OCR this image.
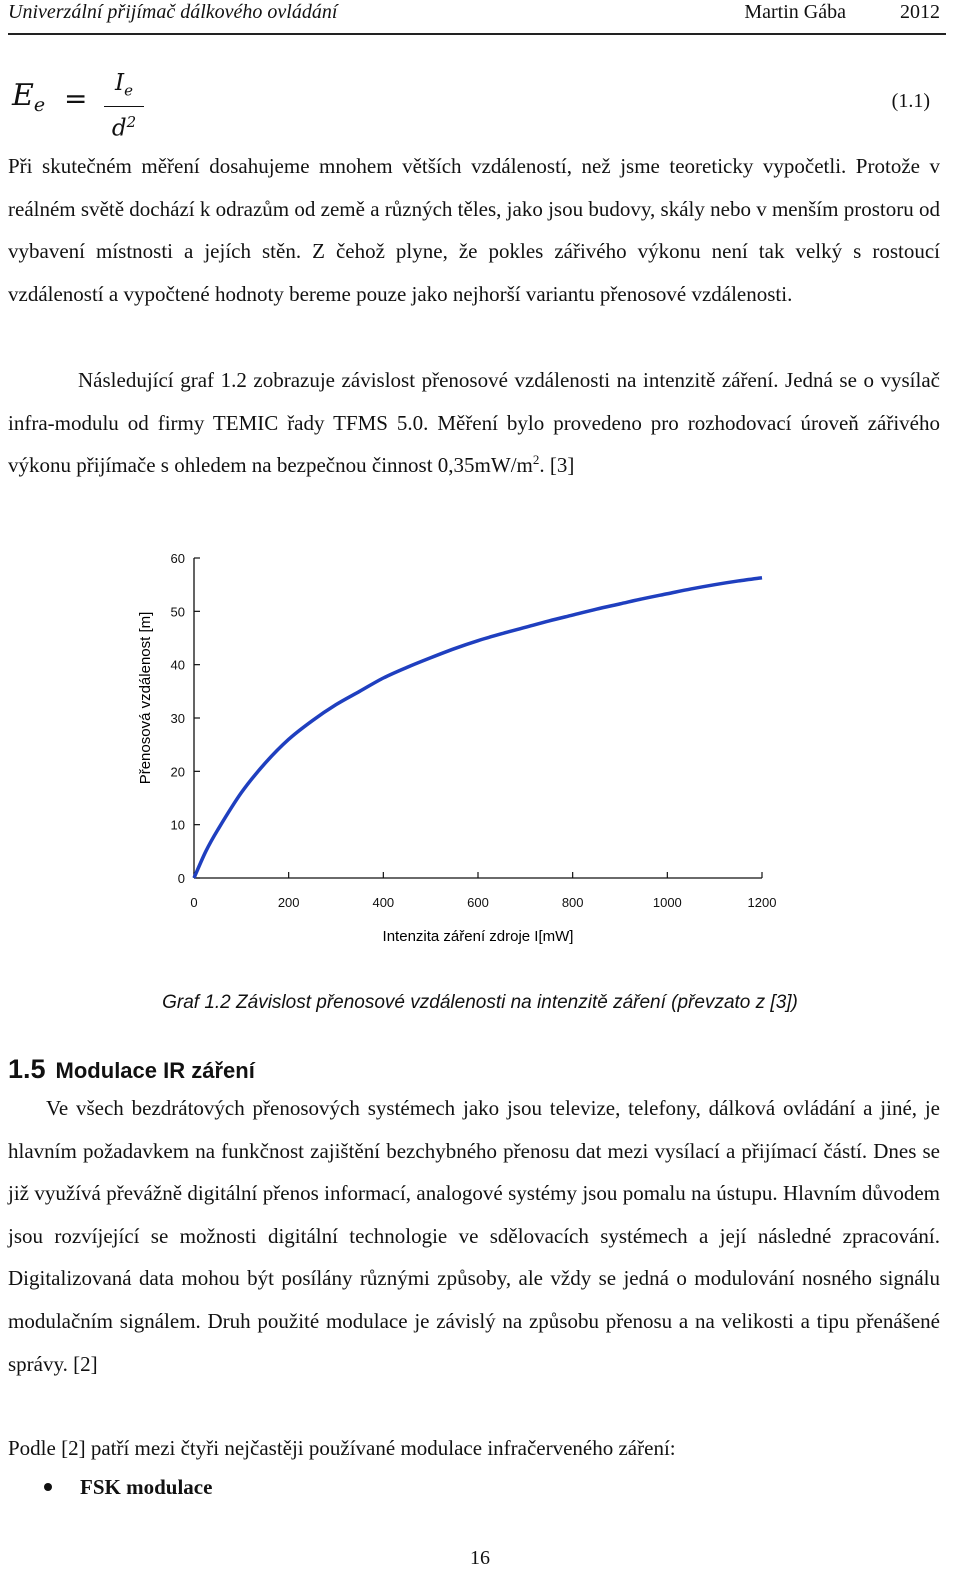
Univerzální přijímač dálkového ovládání	Martin Gába	2012
$E_e = \frac{I_e}{d^2}$	(1.1)

Při skutečném měření dosahujeme mnohem větších vzdáleností, než jsme teoreticky vypočetli. Protože v reálném světě dochází k odrazům od země a různých těles, jako jsou budovy, skály nebo v menším prostoru od vybavení místnosti a jejích stěn. Z čehož plyne, že pokles zářivého výkonu není tak velký s rostoucí vzdáleností a vypočtené hodnoty bereme pouze jako nejhorší variantu přenosové vzdálenosti.

Následující graf 1.2 zobrazuje závislost přenosové vzdálenosti na intenzitě záření. Jedná se o vysílač infra-modulu od firmy TEMIC řady TFMS 5.0. Měření bylo provedeno pro rozhodovací úroveň zářivého výkonu přijímače s ohledem na bezpečnou činnost $0,35mW/m^2$. [3]

0	200	400	600	800	1000	1200
0
10
20
30
40
50
60
Intenzita záření zdroje I[mW]
Přenosová vzdálenost [m]
Graf 1.2 Závislost přenosové vzdálenosti na intenzitě záření (převzato z [3])
1.5 Modulace IR záření

Ve všech bezdrátových přenosových systémech jako jsou televize, telefony, dálková ovládání a jiné, je hlavním požadavkem na funkčnost zajištění bezchybného přenosu dat mezi vysílací a přijímací částí. Dnes se již využívá převážně digitální přenos informací, analogové systémy jsou pomalu na ústupu. Hlavním důvodem jsou rozvíjející se možnosti digitální technologie ve sdělovacích systémech a její následné zpracování. Digitalizovaná data mohou být posílány různými způsoby, ale vždy se jedná o modulování nosného signálu modulačním signálem. Druh použité modulace je závislý na způsobu přenosu a na velikosti a tipu přenášené správy. [2]

Podle [2] patří mezi čtyři nejčastěji používané modulace infračerveného záření:

FSK modulace
16
